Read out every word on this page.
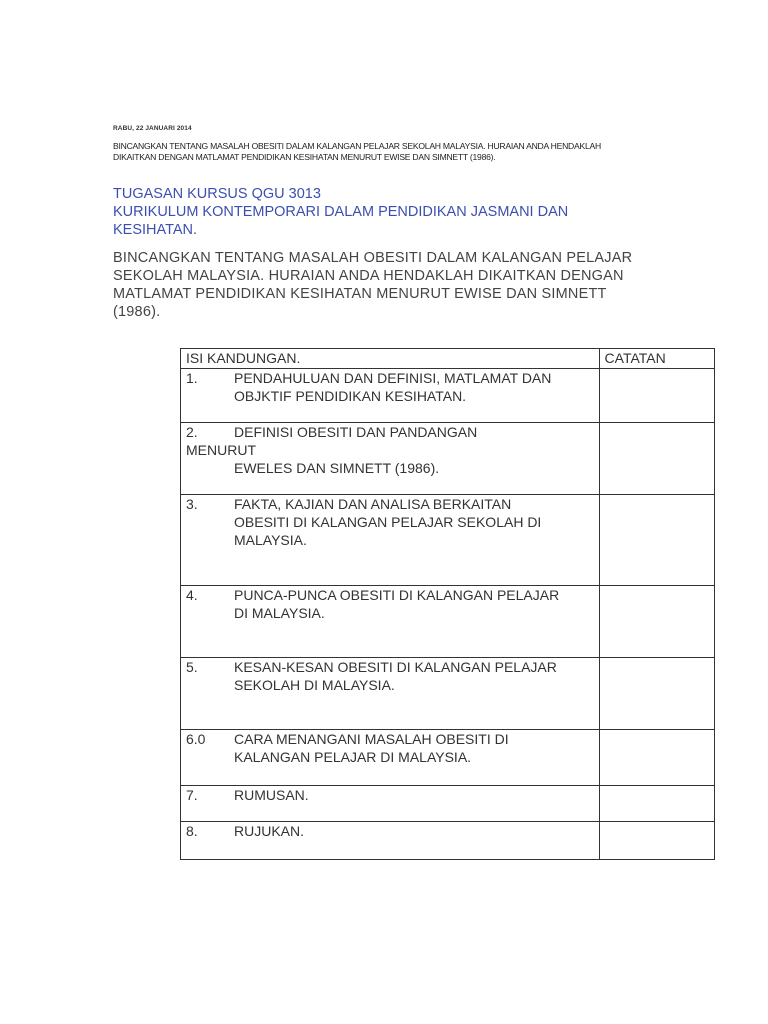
RABU, 22 JANUARI 2014
BINCANGKAN TENTANG MASALAH OBESITI DALAM KALANGAN PELAJAR SEKOLAH MALAYSIA. HURAIAN ANDA HENDAKLAH
DIKAITKAN DENGAN MATLAMAT PENDIDIKAN KESIHATAN MENURUT EWISE DAN SIMNETT (1986).
TUGASAN KURSUS QGU 3013
KURIKULUM KONTEMPORARI DALAM PENDIDIKAN JASMANI DAN
KESIHATAN.
BINCANGKAN TENTANG MASALAH OBESITI DALAM KALANGAN PELAJAR
SEKOLAH MALAYSIA. HURAIAN ANDA HENDAKLAH DIKAITKAN DENGAN
MATLAMAT PENDIDIKAN KESIHATAN MENURUT EWISE DAN SIMNETT
(1986).
ISI KANDUNGAN.	CATATAN

1. PENDAHULUAN DAN DEFINISI, MATLAMAT DAN
OBJKTIF PENDIDIKAN KESIHATAN.	

2. DEFINISI OBESITI DAN PANDANGAN
MENURUT
EWELES DAN SIMNETT (1986).	

3. FAKTA, KAJIAN DAN ANALISA BERKAITAN
OBESITI DI KALANGAN PELAJAR SEKOLAH DI
MALAYSIA.	

4. PUNCA-PUNCA OBESITI DI KALANGAN PELAJAR
DI MALAYSIA.	

5. KESAN-KESAN OBESITI DI KALANGAN PELAJAR
SEKOLAH DI MALAYSIA.	

6.0 CARA MENANGANI MASALAH OBESITI DI
KALANGAN PELAJAR DI MALAYSIA.	

7. RUMUSAN.	

8. RUJUKAN.	
